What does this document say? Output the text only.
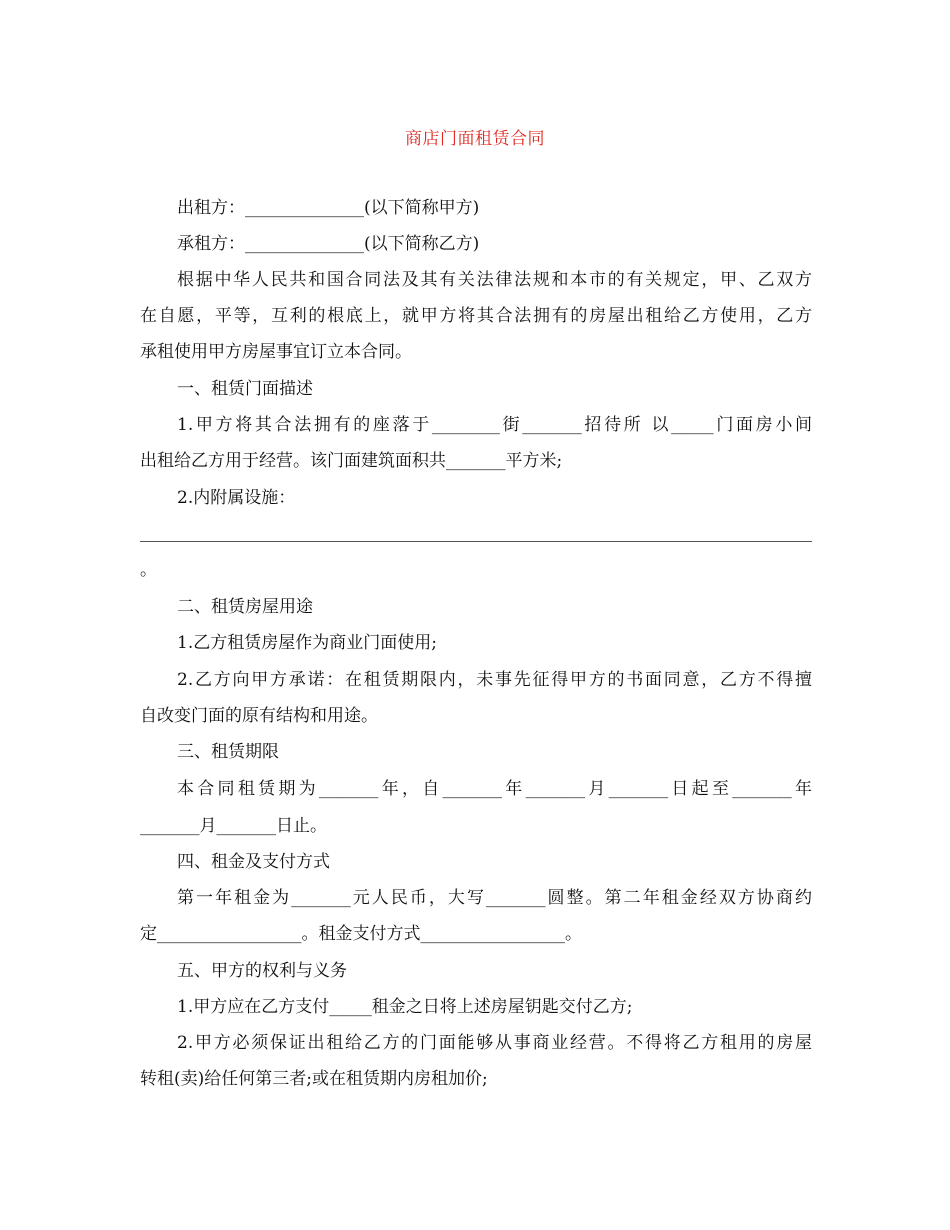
商店门面租赁合同
出租方：______________(以下简称甲方)
承租方：______________(以下简称乙方)
根据中华人民共和国合同法及其有关法律法规和本市的有关规定，甲、乙双方
在自愿，平等，互利的根底上，就甲方将其合法拥有的房屋出租给乙方使用，乙方
承租使用甲方房屋事宜订立本合同。
一、租赁门面描述
1.甲方将其合法拥有的座落于________街_______招待所 以_____门面房小间
出租给乙方用于经营。该门面建筑面积共_______平方米;
2.内附属设施：
。
二、租赁房屋用途
1.乙方租赁房屋作为商业门面使用;
2.乙方向甲方承诺：在租赁期限内，未事先征得甲方的书面同意，乙方不得擅
自改变门面的原有结构和用途。
三、租赁期限
本合同租赁期为_______年，自_______年_______月_______日起至_______年
_______月_______日止。
四、租金及支付方式
第一年租金为_______元人民币，大写_______圆整。第二年租金经双方协商约
定_________________。租金支付方式_________________。
五、甲方的权利与义务
1.甲方应在乙方支付_____租金之日将上述房屋钥匙交付乙方;
2.甲方必须保证出租给乙方的门面能够从事商业经营。不得将乙方租用的房屋
转租(卖)给任何第三者;或在租赁期内房租加价;
